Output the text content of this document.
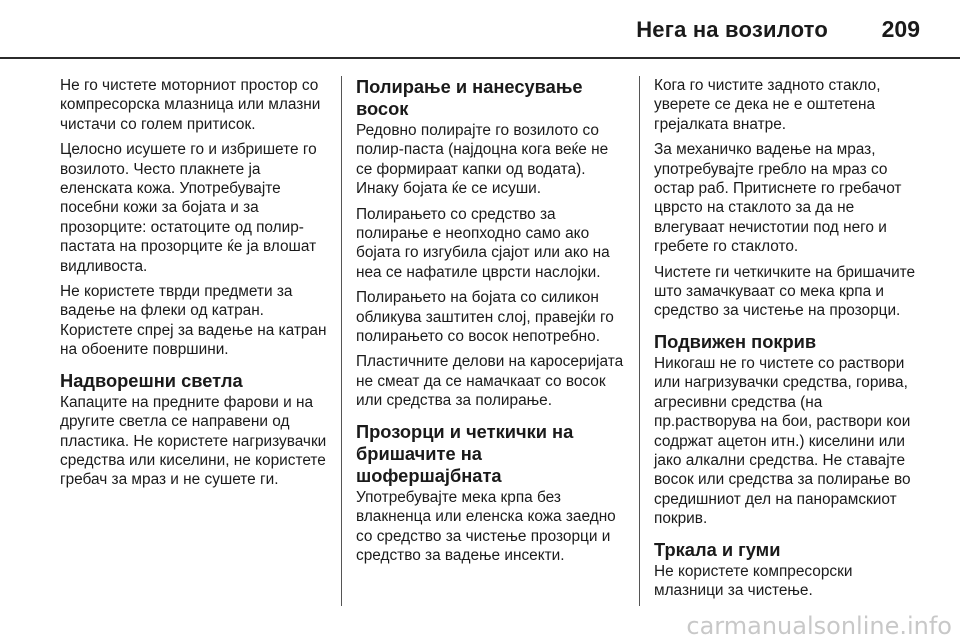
Нега на возилото 209

Не го чистете моторниот простор со компресорска млазница или млазни чистачи со голем притисок.

Целосно исушете го и избришете го возилото. Често плакнете ја еленската кожа. Употребувајте посебни кожи за бојата и за прозорците: остатоците од полир-пастата на прозорците ќе ја влошат видливоста.

Не користете тврди предмети за вадење на флеки од катран. Користете спреј за вадење на катран на обоените површини.

Надворешни светла

Капаците на предните фарови и на другите светла се направени од пластика. Не користете нагризувачки средства или киселини, не користете гребач за мраз и не сушете ги.

Полирање и нанесување восок

Редовно полирајте го возилото со полир-паста (најдоцна кога веќе не се формираат капки од водата). Инаку бојата ќе се исуши.

Полирањето со средство за полирање е неопходно само ако бојата го изгубила сјајот или ако на неа се нафатиле цврсти наслојки.

Полирањето на бојата со силикон обликува заштитен слој, правејќи го полирањето со восок непотребно.

Пластичните делови на каросеријата не смеат да се намачкаат со восок или средства за полирање.

Прозорци и четкички на бришачите на шофершајбната

Употребувајте мека крпа без влакненца или еленска кожа заедно со средство за чистење прозорци и средство за вадење инсекти.

Кога го чистите задното стакло, уверете се дека не е оштетена грејалката внатре.

За механичко вадење на мраз, употребувајте гребло на мраз со остар раб. Притиснете го гребачот цврсто на стаклото за да не влегуваат нечистотии под него и гребете го стаклото.

Чистете ги четкичките на бришачите што замачкуваат со мека крпа и средство за чистење на прозорци.

Подвижен покрив

Никогаш не го чистете со раствори или нагризувачки средства, горива, агресивни средства (на пр.растворува на бои, раствори кои содржат ацетон итн.) киселини или јако алкални средства. Не ставајте восок или средства за полирање во средишниот дел на панорамскиот покрив.

Тркала и гуми

Не користете компресорски млазници за чистење.

carmanualsonline.info
